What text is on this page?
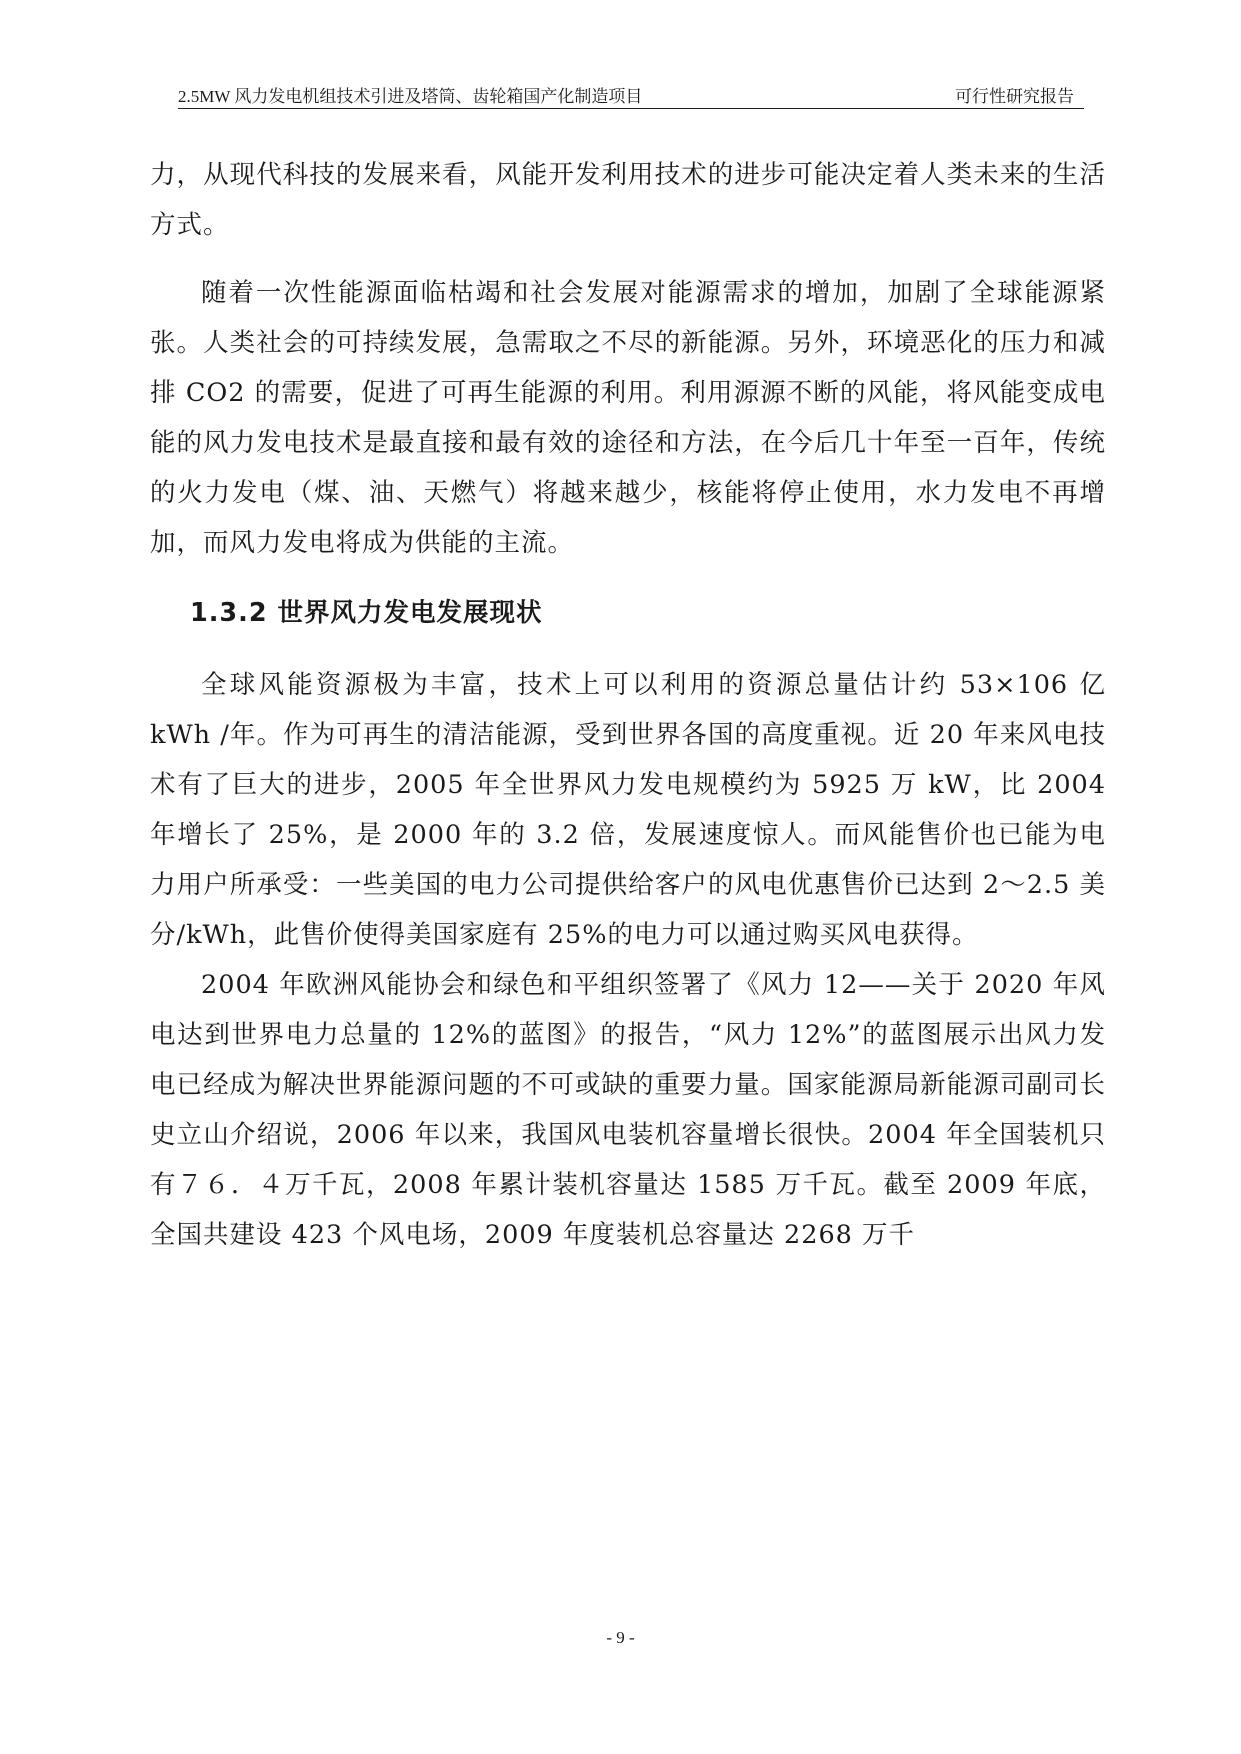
2.5MW 风力发电机组技术引进及塔筒、齿轮箱国产化制造项目	可行性研究报告

力，从现代科技的发展来看，风能开发利用技术的进步可能决定着人类未来的生活方式。

随着一次性能源面临枯竭和社会发展对能源需求的增加，加剧了全球能源紧张。人类社会的可持续发展，急需取之不尽的新能源。另外，环境恶化的压力和减排 CO2 的需要，促进了可再生能源的利用。利用源源不断的风能，将风能变成电能的风力发电技术是最直接和最有效的途径和方法，在今后几十年至一百年，传统的火力发电（煤、油、天燃气）将越来越少，核能将停止使用，水力发电不再增加，而风力发电将成为供能的主流。

1.3.2 世界风力发电发展现状

全球风能资源极为丰富，技术上可以利用的资源总量估计约 53×106 亿 kWh /年。作为可再生的清洁能源，受到世界各国的高度重视。近 20 年来风电技术有了巨大的进步，2005 年全世界风力发电规模约为 5925 万 kW，比 2004 年增长了 25%，是 2000 年的 3.2 倍，发展速度惊人。而风能售价也已能为电力用户所承受：一些美国的电力公司提供给客户的风电优惠售价已达到 2～2.5 美分/kWh，此售价使得美国家庭有 25%的电力可以通过购买风电获得。

2004 年欧洲风能协会和绿色和平组织签署了《风力 12——关于 2020 年风电达到世界电力总量的 12%的蓝图》的报告，“风力 12%”的蓝图展示出风力发电已经成为解决世界能源问题的不可或缺的重要力量。国家能源局新能源司副司长史立山介绍说，2006 年以来，我国风电装机容量增长很快。2004 年全国装机只有７６．４万千瓦，2008 年累计装机容量达 1585 万千瓦。截至 2009 年底，全国共建设 423 个风电场，2009 年度装机总容量达 2268 万千

- 9 -
